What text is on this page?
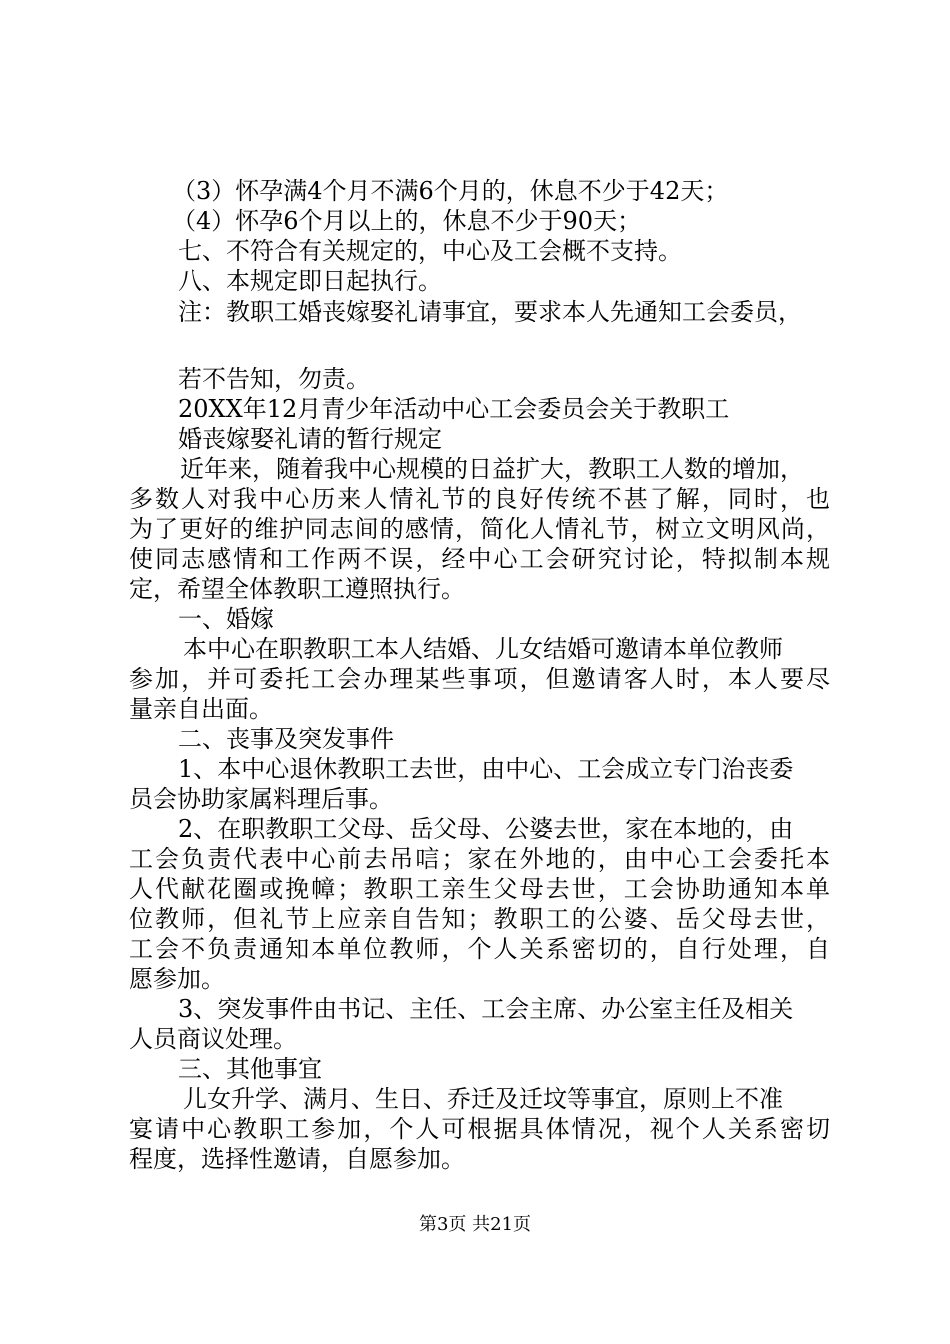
（3）怀孕满4个月不满6个月的，休息不少于42天；
（4）怀孕6个月以上的，休息不少于90天；
七、不符合有关规定的，中心及工会概不支持。
八、本规定即日起执行。
注：教职工婚丧嫁娶礼请事宜，要求本人先通知工会委员，
若不告知，勿责。
20XX年12月青少年活动中心工会委员会关于教职工
婚丧嫁娶礼请的暂行规定
近年来，随着我中心规模的日益扩大，教职工人数的增加，
多数人对我中心历来人情礼节的良好传统不甚了解，同时，也
为了更好的维护同志间的感情，简化人情礼节，树立文明风尚，
使同志感情和工作两不误，经中心工会研究讨论，特拟制本规
定，希望全体教职工遵照执行。
一、婚嫁
本中心在职教职工本人结婚、儿女结婚可邀请本单位教师
参加，并可委托工会办理某些事项，但邀请客人时，本人要尽
量亲自出面。
二、丧事及突发事件
1、本中心退休教职工去世，由中心、工会成立专门治丧委
员会协助家属料理后事。
2、在职教职工父母、岳父母、公婆去世，家在本地的，由
工会负责代表中心前去吊唁；家在外地的，由中心工会委托本
人代献花圈或挽幛；教职工亲生父母去世，工会协助通知本单
位教师，但礼节上应亲自告知；教职工的公婆、岳父母去世，
工会不负责通知本单位教师，个人关系密切的，自行处理，自
愿参加。
3、突发事件由书记、主任、工会主席、办公室主任及相关
人员商议处理。
三、其他事宜
儿女升学、满月、生日、乔迁及迁坟等事宜，原则上不准
宴请中心教职工参加，个人可根据具体情况，视个人关系密切
程度，选择性邀请，自愿参加。
第3页 共21页
